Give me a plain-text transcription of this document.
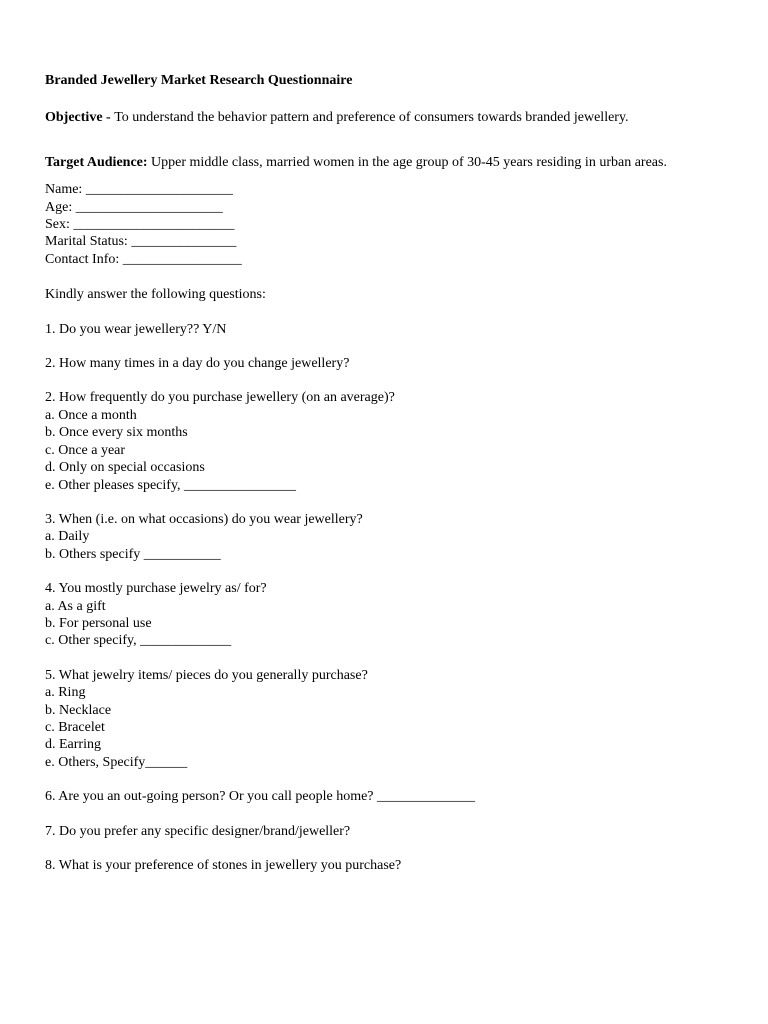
Branded Jewellery Market Research Questionnaire
Objective - To understand the behavior pattern and preference of consumers towards branded jewellery.
Target Audience: Upper middle class, married women in the age group of 30-45 years residing in urban areas.
Name: _____________________
Age: _____________________
Sex: _______________________
Marital Status: _______________
Contact Info: _________________
Kindly answer the following questions:
1. Do you wear jewellery?? Y/N
2. How many times in a day do you change jewellery?
2. How frequently do you purchase jewellery (on an average)?
a. Once a month
b. Once every six months
c. Once a year
d. Only on special occasions
e. Other pleases specify, ________________
3. When (i.e. on what occasions) do you wear jewellery?
a. Daily
b. Others specify ___________
4. You mostly purchase jewelry as/ for?
a. As a gift
b. For personal use
c. Other specify, _____________
5. What jewelry items/ pieces do you generally purchase?
a. Ring
b. Necklace
c. Bracelet
d. Earring
e. Others, Specify______
6. Are you an out-going person? Or you call people home? ______________
7. Do you prefer any specific designer/brand/jeweller?
8. What is your preference of stones in jewellery you purchase?
